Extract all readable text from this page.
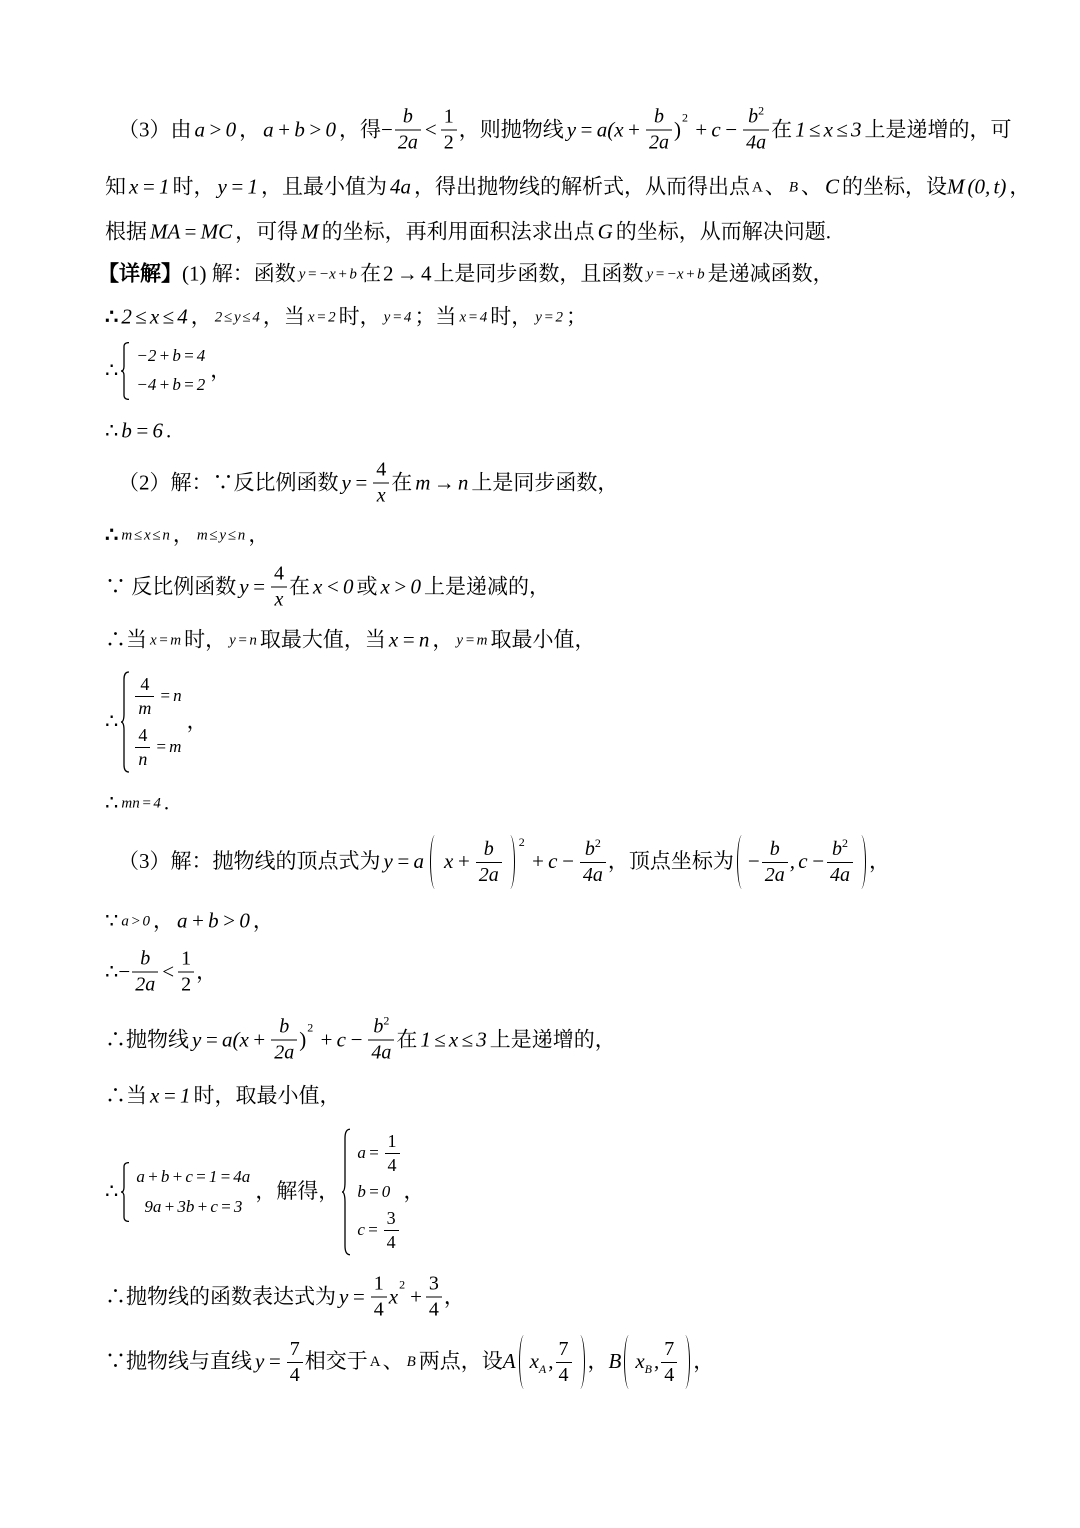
（3）由 a > 0 ， a + b > 0 ，得 − $\frac{b}{2a} < \frac{1}{2}$ ，则抛物线 $y = a(x + \frac{b}{2a}$ ) $2 + c - \frac{b^2}{4a}$ 在 1 ≤ x ≤ 3 上是递增的，可
知 x = 1 时， y = 1 ，且最小值为 4a ，得出抛物线的解析式，从而得出点 A 、 B 、 C 的坐标，设 M (0, t) ，
根据 MA = MC ，可得 M 的坐标，再利用面积法求出点 G 的坐标，从而解决问题.
【详解】 (1) 解：函数 y = −x + b 在 2 → 4 上是同步函数，且函数 y = −x + b 是递减函数，
∴ 2 ≤ x ≤ 4 ， 2 ≤ y ≤ 4 ，当 x = 2 时， y = 4 ；当 x = 4 时， y = 2 ；
∴
−2 + b = 4
−4 + b = 2
，
∴ b = 6 .
（2）解：∵反比例函数 $y = \frac{4}{x}$ 在 m → n 上是同步函数，
∴ m ≤ x ≤ n ， m ≤ y ≤ n ，
∵ 反比例函数 $y = \frac{4}{x}$ 在 x < 0 或 x > 0 上是递减的，
∴当 x = m 时， y = n 取最大值，当 x = n ， y = m 取最小值，
∴
$\frac{4}{m} = n$
$\frac{4}{n} = m$
，
∴ mn = 4 .
（3）解：抛物线的顶点式为 y = a $x + \frac{b}{2a} 2$
+ $c - \frac{b^2}{4a}$ ，顶点坐标为 − $\frac{b}{2a}$ , $c - \frac{b^2}{4a}$ ，
∵ a > 0 ， a + b > 0 ，
∴ − $\frac{b}{2a} < \frac{1}{2}$ ，
∴抛物线 $y = a(x + \frac{b}{2a}$ ) $2 + c - \frac{b^2}{4a}$ 在 1 ≤ x ≤ 3 上是递增的，
∴当 x = 1 时，取最小值，
∴
a + b + c = 1 = 4a
9a + 3b + c = 3
，解得，
$a = \frac{1}{4}$
b = 0
$c = \frac{3}{4}$
，
∴抛物线的函数表达式为 $y = \frac{1}{4}$ x $2 + \frac{3}{4}$ ，
∵抛物线与直线 $y = \frac{7}{4}$ 相交于 A 、 B 两点，设 A x A , $\frac{7}{4}$ ， B x B , $\frac{7}{4}$ ，
